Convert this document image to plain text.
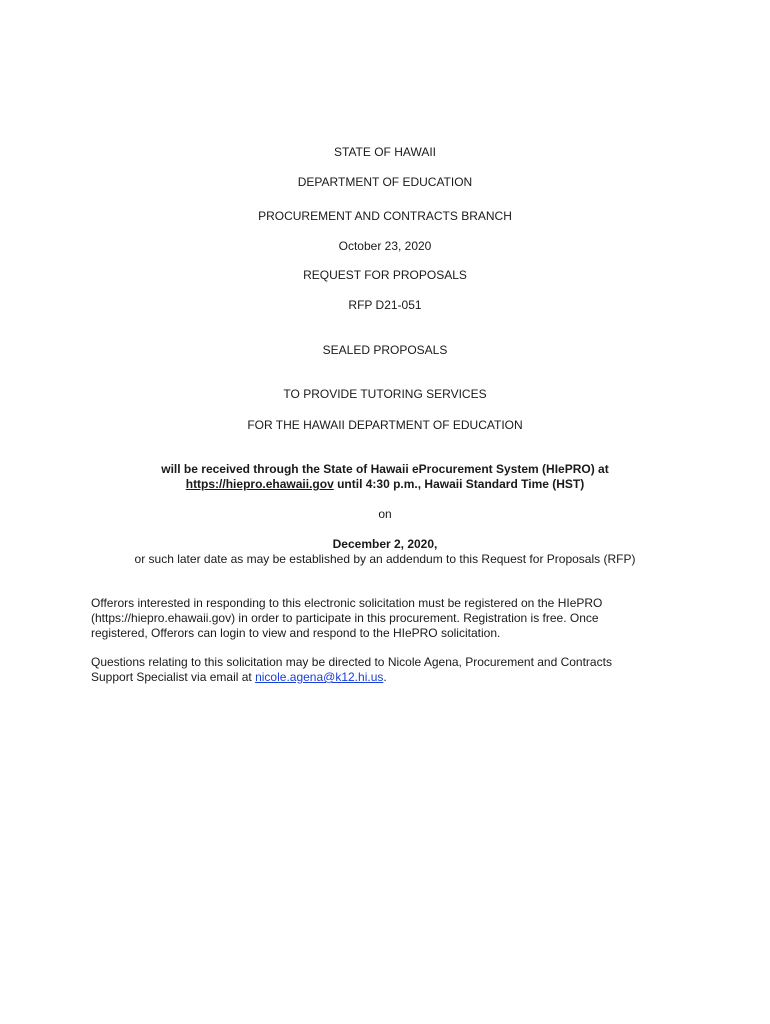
STATE OF HAWAII
DEPARTMENT OF EDUCATION
PROCUREMENT AND CONTRACTS BRANCH
October 23, 2020
REQUEST FOR PROPOSALS
RFP D21-051
SEALED PROPOSALS
TO PROVIDE TUTORING SERVICES
FOR THE HAWAII DEPARTMENT OF EDUCATION
will be received through the State of Hawaii eProcurement System (HIePRO) at
https://hiepro.ehawaii.gov until 4:30 p.m., Hawaii Standard Time (HST)
on
December 2, 2020,
or such later date as may be established by an addendum to this Request for Proposals (RFP)
Offerors interested in responding to this electronic solicitation must be registered on the HIePRO
(https://hiepro.ehawaii.gov) in order to participate in this procurement. Registration is free. Once
registered, Offerors can login to view and respond to the HIePRO solicitation.
Questions relating to this solicitation may be directed to Nicole Agena, Procurement and Contracts
Support Specialist via email at nicole.agena@k12.hi.us.
